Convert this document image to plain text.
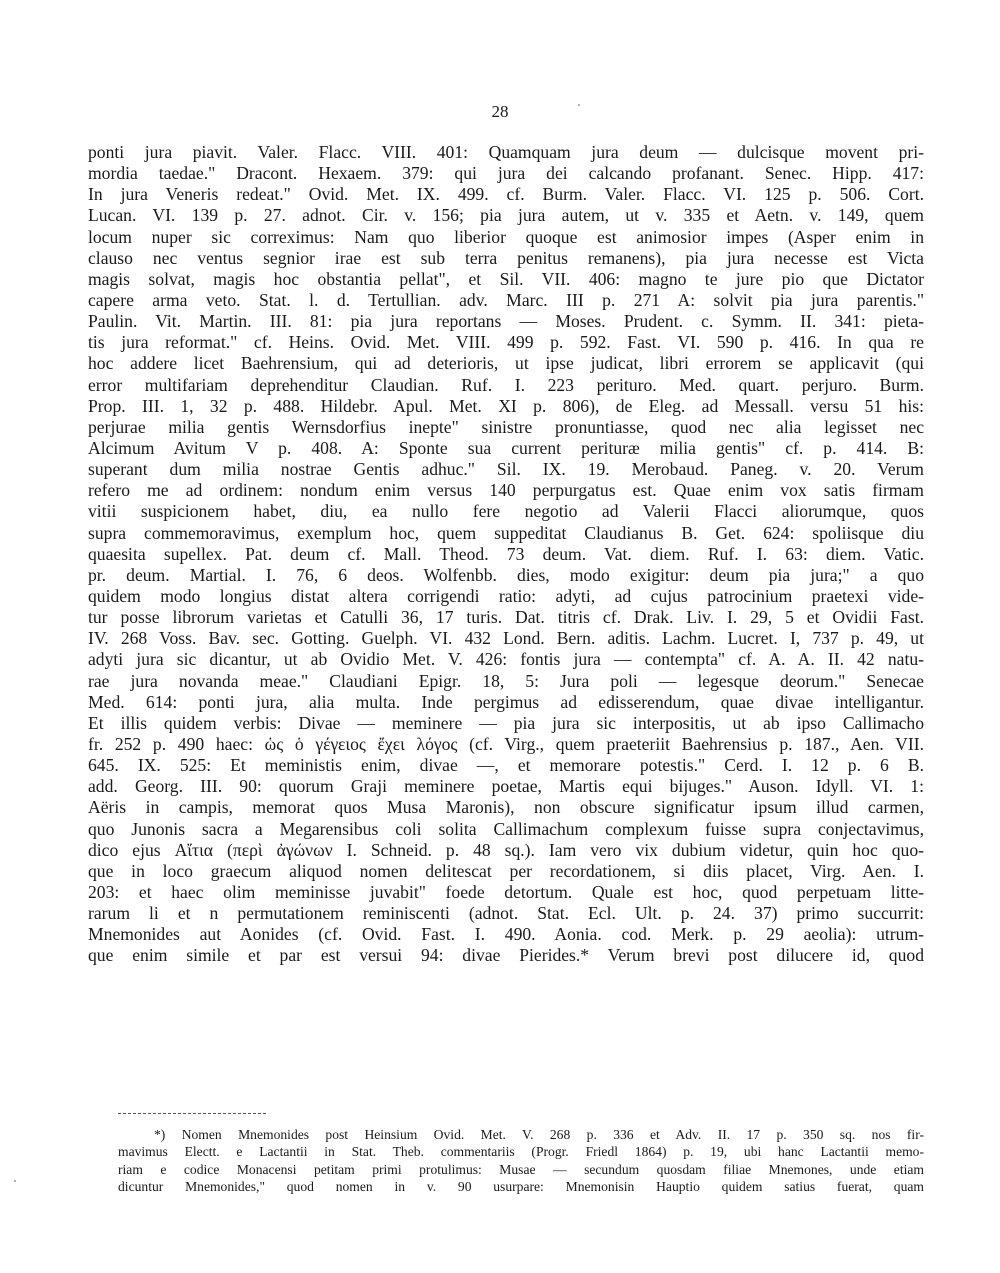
28
ponti jura piavit. Valer. Flacc. VIII. 401: Quamquam jura deum — dulcisque movent pri-
mordia taedae." Dracont. Hexaem. 379: qui jura dei calcando profanant. Senec. Hipp. 417:
In jura Veneris redeat." Ovid. Met. IX. 499. cf. Burm. Valer. Flacc. VI. 125 p. 506. Cort.
Lucan. VI. 139 p. 27. adnot. Cir. v. 156; pia jura autem, ut v. 335 et Aetn. v. 149, quem
locum nuper sic correximus: Nam quo liberior quoque est animosior impes (Asper enim in
clauso nec ventus segnior irae est sub terra penitus remanens), pia jura necesse est Victa
magis solvat, magis hoc obstantia pellat", et Sil. VII. 406: magno te jure pio que Dictator
capere arma veto. Stat. l. d. Tertullian. adv. Marc. III p. 271 A: solvit pia jura parentis."
Paulin. Vit. Martin. III. 81: pia jura reportans — Moses. Prudent. c. Symm. II. 341: pieta-
tis jura reformat." cf. Heins. Ovid. Met. VIII. 499 p. 592. Fast. VI. 590 p. 416. In qua re
hoc addere licet Baehrensium, qui ad deterioris, ut ipse judicat, libri errorem se applicavit (qui
error multifariam deprehenditur Claudian. Ruf. I. 223 periturо. Med. quart. perjuro. Burm.
Prop. III. 1, 32 p. 488. Hildebr. Apul. Met. XI p. 806), de Eleg. ad Messall. versu 51 his:
perjurae milia gentis Wernsdorfius inepte" sinistre pronuntiasse, quod nec alia legisset nec
Alcimum Avitum V p. 408. A: Sponte sua current perituræ milia gentis" cf. p. 414. B:
superant dum milia nostrae Gentis adhuc." Sil. IX. 19. Merobaud. Paneg. v. 20. Verum
refero me ad ordinem: nondum enim versus 140 perpurgatus est. Quae enim vox satis firmam
vitii suspicionem habet, diu, ea nullo fere negotio ad Valerii Flacci aliorumque, quos
supra commemoravimus, exemplum hoc, quem suppeditat Claudianus B. Get. 624: spoliisque diu
quaesita supellex. Pat. deum cf. Mall. Theod. 73 deum. Vat. diem. Ruf. I. 63: diem. Vatic.
pr. deum. Martial. I. 76, 6 deos. Wolfenbb. dies, modo exigitur: deum pia jura;" a quo
quidem modo longius distat altera corrigendi ratio: adyti, ad cujus patrocinium praetexi vide-
tur posse librorum varietas et Catulli 36, 17 turis. Dat. titris cf. Drak. Liv. I. 29, 5 et Ovidii Fast.
IV. 268 Voss. Bav. sec. Gotting. Guelph. VI. 432 Lond. Bern. aditis. Lachm. Lucret. I, 737 p. 49, ut
adyti jura sic dicantur, ut ab Ovidio Met. V. 426: fontis jura — contempta" cf. A. A. II. 42 natu-
rae jura novanda meae." Claudiani Epigr. 18, 5: Jura poli — legesque deorum." Senecae
Med. 614: ponti jura, alia multa. Inde pergimus ad edisserendum, quae divae intelligantur.
Et illis quidem verbis: Divae — meminere — pia jura sic interpositis, ut ab ipso Callimacho
fr. 252 p. 490 haec: ὡς ὁ γέγειος ἔχει λόγος (cf. Virg., quem praeteriit Baehrensius p. 187., Aen. VII.
645. IX. 525: Et meministis enim, divae —, et memorare potestis." Cerd. I. 12 p. 6 B.
add. Georg. III. 90: quorum Graji meminere poetae, Martis equi bijuges." Auson. Idyll. VI. 1:
Aëris in campis, memorat quos Musa Maronis), non obscure significatur ipsum illud carmen,
quo Junonis sacra a Megarensibus coli solita Callimachum complexum fuisse supra conjectavimus,
dico ejus Αἴτια (περὶ ἀγώνων I. Schneid. p. 48 sq.). Iam vero vix dubium videtur, quin hoc quo-
que in loco graecum aliquod nomen delitescat per recordationem, si diis placet, Virg. Aen. I.
203: et haec olim meminisse juvabit" foede detortum. Quale est hoc, quod perpetuam litte-
rarum li et n permutationem reminiscenti (adnot. Stat. Ecl. Ult. p. 24. 37) primo succurrit:
Mnemonides aut Aonides (cf. Ovid. Fast. I. 490. Aonia. cod. Merk. p. 29 aeolia): utrum-
que enim simile et par est versui 94: divae Pierides.* Verum brevi post dilucere id, quod
*) Nomen Mnemonides post Heinsium Ovid. Met. V. 268 p. 336 et Adv. II. 17 p. 350 sq. nos fir-
mavimus Electt. e Lactantii in Stat. Theb. commentariis (Progr. Friedl 1864) p. 19, ubi hanc Lactantii memo-
riam e codice Monacensi petitam primi protulimus: Musae — secundum quosdam filiae Mnemones, unde etiam
dicuntur Mnemonides," quod nomen in v. 90 usurpare: Mnemonisin Hauptio quidem satius fuerat, quam
